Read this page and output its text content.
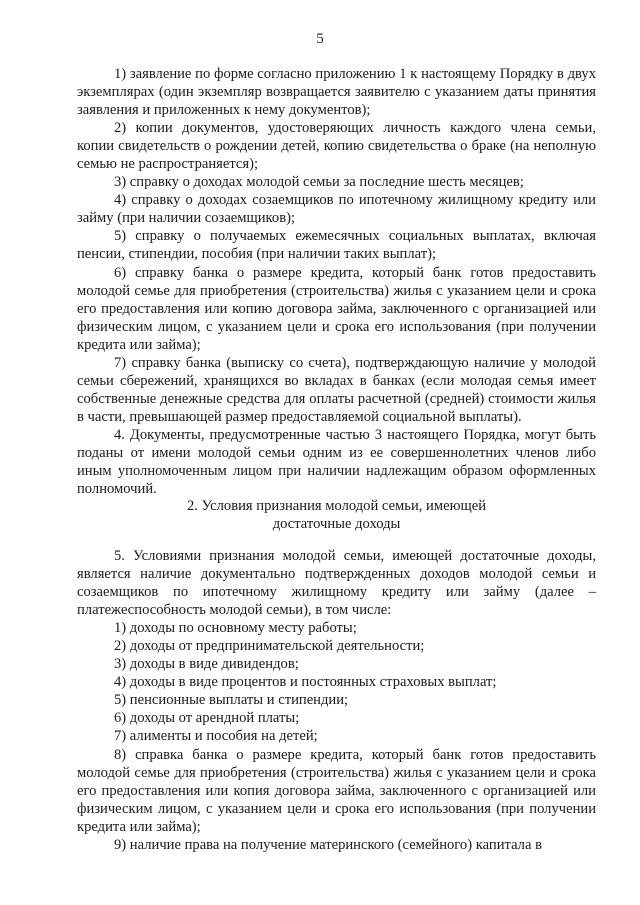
5

1) заявление по форме согласно приложению 1 к настоящему Порядку в двух экземплярах (один экземпляр возвращается заявителю с указанием даты принятия заявления и приложенных к нему документов);

2) копии документов, удостоверяющих личность каждого члена семьи, копии свидетельств о рождении детей, копию свидетельства о браке (на неполную семью не распространяется);

3) справку о доходах молодой семьи за последние шесть месяцев;

4) справку о доходах созаемщиков по ипотечному жилищному кредиту или займу (при наличии созаемщиков);

5) справку о получаемых ежемесячных социальных выплатах, включая пенсии, стипендии, пособия (при наличии таких выплат);

6) справку банка о размере кредита, который банк готов предоставить молодой семье для приобретения (строительства) жилья с указанием цели и срока его предоставления или копию договора займа, заключенного с организацией или физическим лицом, с указанием цели и срока его использования (при получении кредита или займа);

7) справку банка (выписку со счета), подтверждающую наличие у молодой семьи сбережений, хранящихся во вкладах в банках (если молодая семья имеет собственные денежные средства для оплаты расчетной (средней) стоимости жилья в части, превышающей размер предоставляемой социальной выплаты).

4. Документы, предусмотренные частью 3 настоящего Порядка, могут быть поданы от имени молодой семьи одним из ее совершеннолетних членов либо иным уполномоченным лицом при наличии надлежащим образом оформленных полномочий.

2. Условия признания молодой семьи, имеющей
достаточные доходы

5. Условиями признания молодой семьи, имеющей достаточные доходы, является наличие документально подтвержденных доходов молодой семьи и созаемщиков по ипотечному жилищному кредиту или займу (далее – платежеспособность молодой семьи), в том числе:

1) доходы по основному месту работы;

2) доходы от предпринимательской деятельности;

3) доходы в виде дивидендов;

4) доходы в виде процентов и постоянных страховых выплат;

5) пенсионные выплаты и стипендии;

6) доходы от арендной платы;

7) алименты и пособия на детей;

8) справка банка о размере кредита, который банк готов предоставить молодой семье для приобретения (строительства) жилья с указанием цели и срока его предоставления или копия договора займа, заключенного с организацией или физическим лицом, с указанием цели и срока его использования (при получении кредита или займа);

9) наличие права на получение материнского (семейного) капитала в
